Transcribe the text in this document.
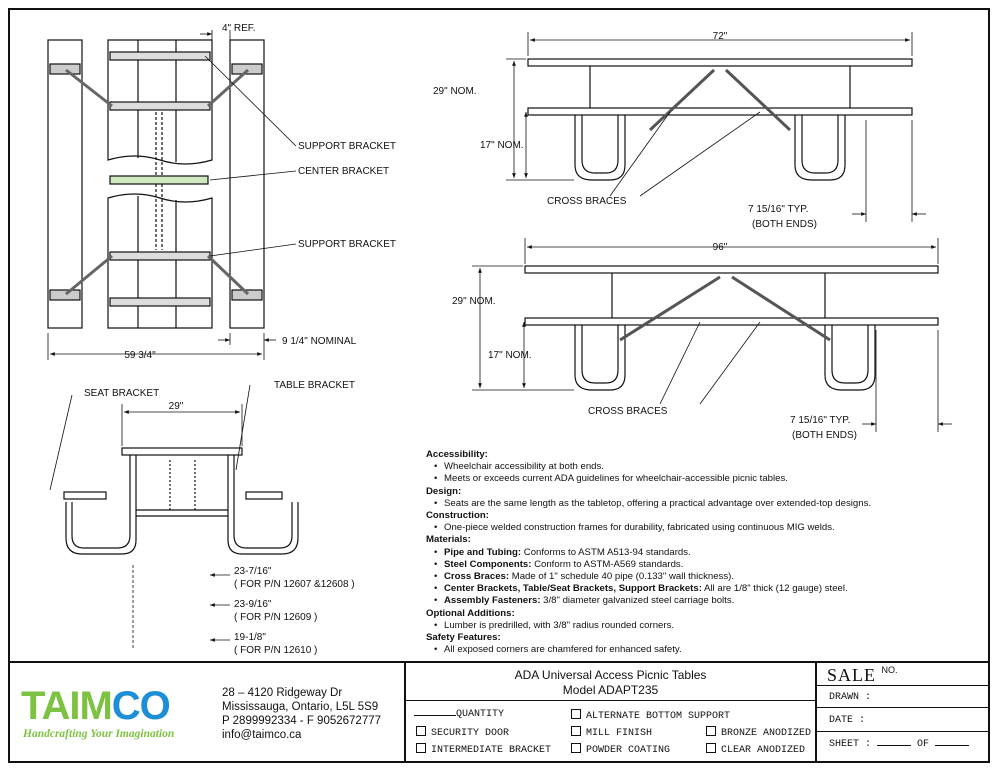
4" REF.
SUPPORT BRACKET
CENTER BRACKET
SUPPORT BRACKET
9 1/4" NOMINAL
59 3/4"
SEAT BRACKET
TABLE BRACKET
29"
23-7/16"
( FOR P/N 12607 &12608 )
23-9/16"
( FOR P/N 12609 )
19-1/8"
( FOR P/N 12610 )
72"
29" NOM.
17" NOM.
CROSS BRACES
7 15/16" TYP.
(BOTH ENDS)
96"
29" NOM.
17" NOM.
CROSS BRACES
7 15/16" TYP.
(BOTH ENDS)
Accessibility:
• Wheelchair accessibility at both ends.
• Meets or exceeds current ADA guidelines for wheelchair-accessible picnic tables.
Design:
• Seats are the same length as the tabletop, offering a practical advantage over extended-top designs.
Construction:
• One-piece welded construction frames for durability, fabricated using continuous MIG welds.
Materials:
• Pipe and Tubing: Conforms to ASTM A513-94 standards.
• Steel Components: Conform to ASTM-A569 standards.
• Cross Braces: Made of 1" schedule 40 pipe (0.133" wall thickness).
• Center Brackets, Table/Seat Brackets, Support Brackets: All are 1/8" thick (12 gauge) steel.
• Assembly Fasteners: 3/8" diameter galvanized steel carriage bolts.
Optional Additions:
• Lumber is predrilled, with 3/8" radius rounded corners.
Safety Features:
• All exposed corners are chamfered for enhanced safety.
TAIMCO
Handcrafting Your Imagination
28 – 4120 Ridgeway Dr
Mississauga, Ontario, L5L 5S9
P 2899992334 - F 9052672777
info@taimco.ca
ADA Universal Access Picnic Tables
Model ADAPT235
QUANTITY
SECURITY DOOR
INTERMEDIATE BRACKET
ALTERNATE BOTTOM SUPPORT
MILL FINISH
POWDER COATING
BRONZE ANODIZED
CLEAR ANODIZED
SALE $^{NO.}$
DRAWN :
DATE :
SHEET :	OF
